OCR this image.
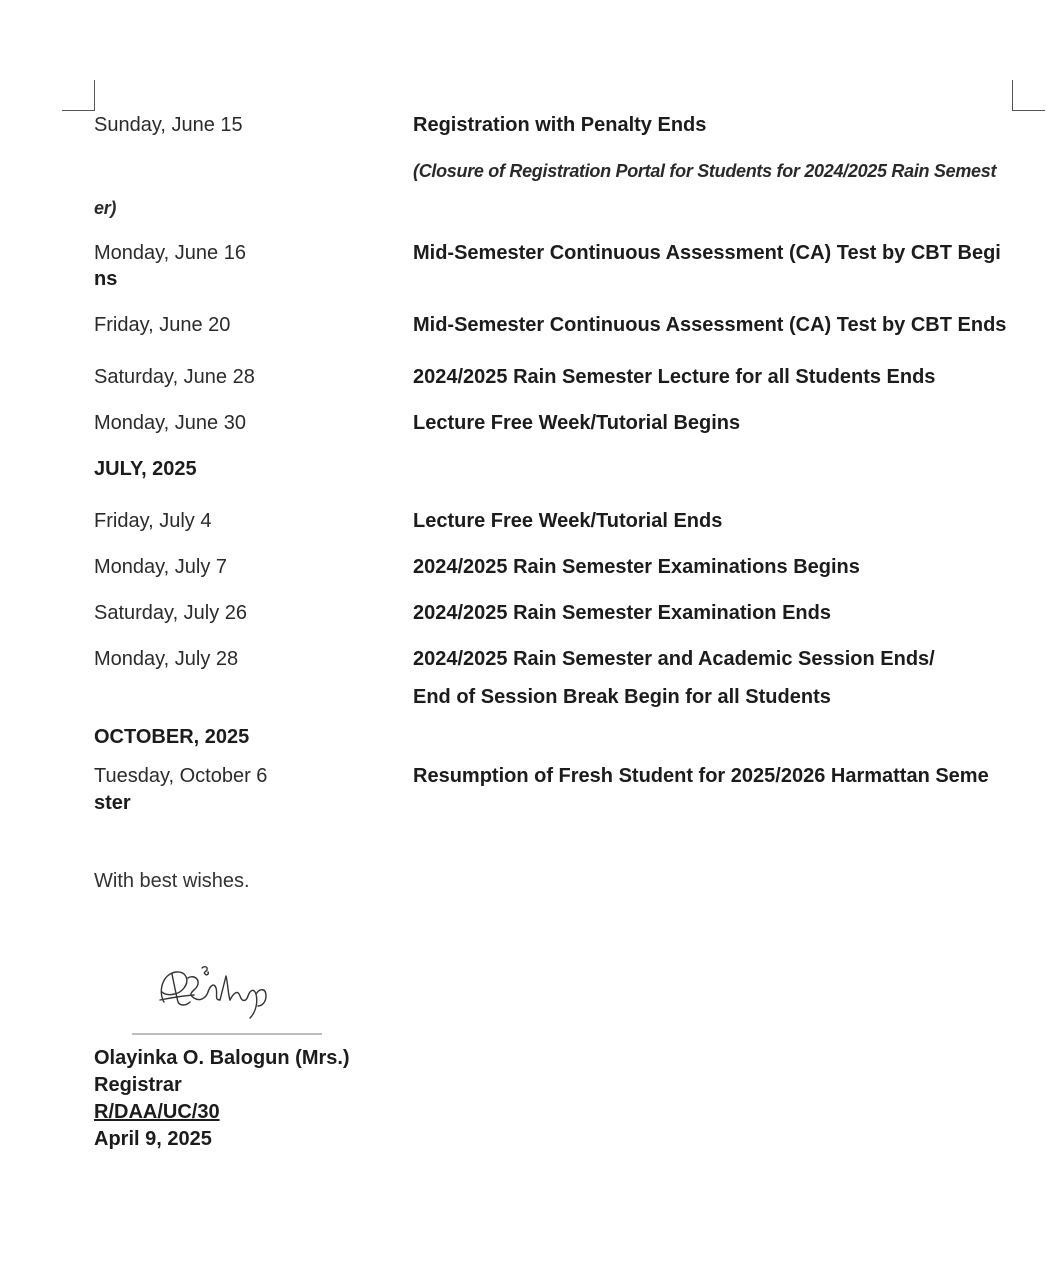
Sunday, June 15	Registration with Penalty Ends
(Closure of Registration Portal for Students for 2024/2025 Rain Semest
er)
Monday, June 16	Mid-Semester Continuous Assessment (CA) Test by CBT Begi
ns
Friday, June 20	Mid-Semester Continuous Assessment (CA) Test by CBT Ends
Saturday, June 28	2024/2025 Rain Semester Lecture for all Students Ends
Monday, June 30	Lecture Free Week/Tutorial Begins
JULY, 2025
Friday, July 4	Lecture Free Week/Tutorial Ends
Monday, July 7	2024/2025 Rain Semester Examinations Begins
Saturday, July 26	2024/2025 Rain Semester Examination Ends
Monday, July 28	2024/2025 Rain Semester and Academic Session Ends/
End of Session Break Begin for all Students
OCTOBER, 2025
Tuesday, October 6	Resumption of Fresh Student for 2025/2026 Harmattan Seme
ster
With best wishes.
Olayinka O. Balogun (Mrs.)
Registrar
R/DAA/UC/30
April 9, 2025
